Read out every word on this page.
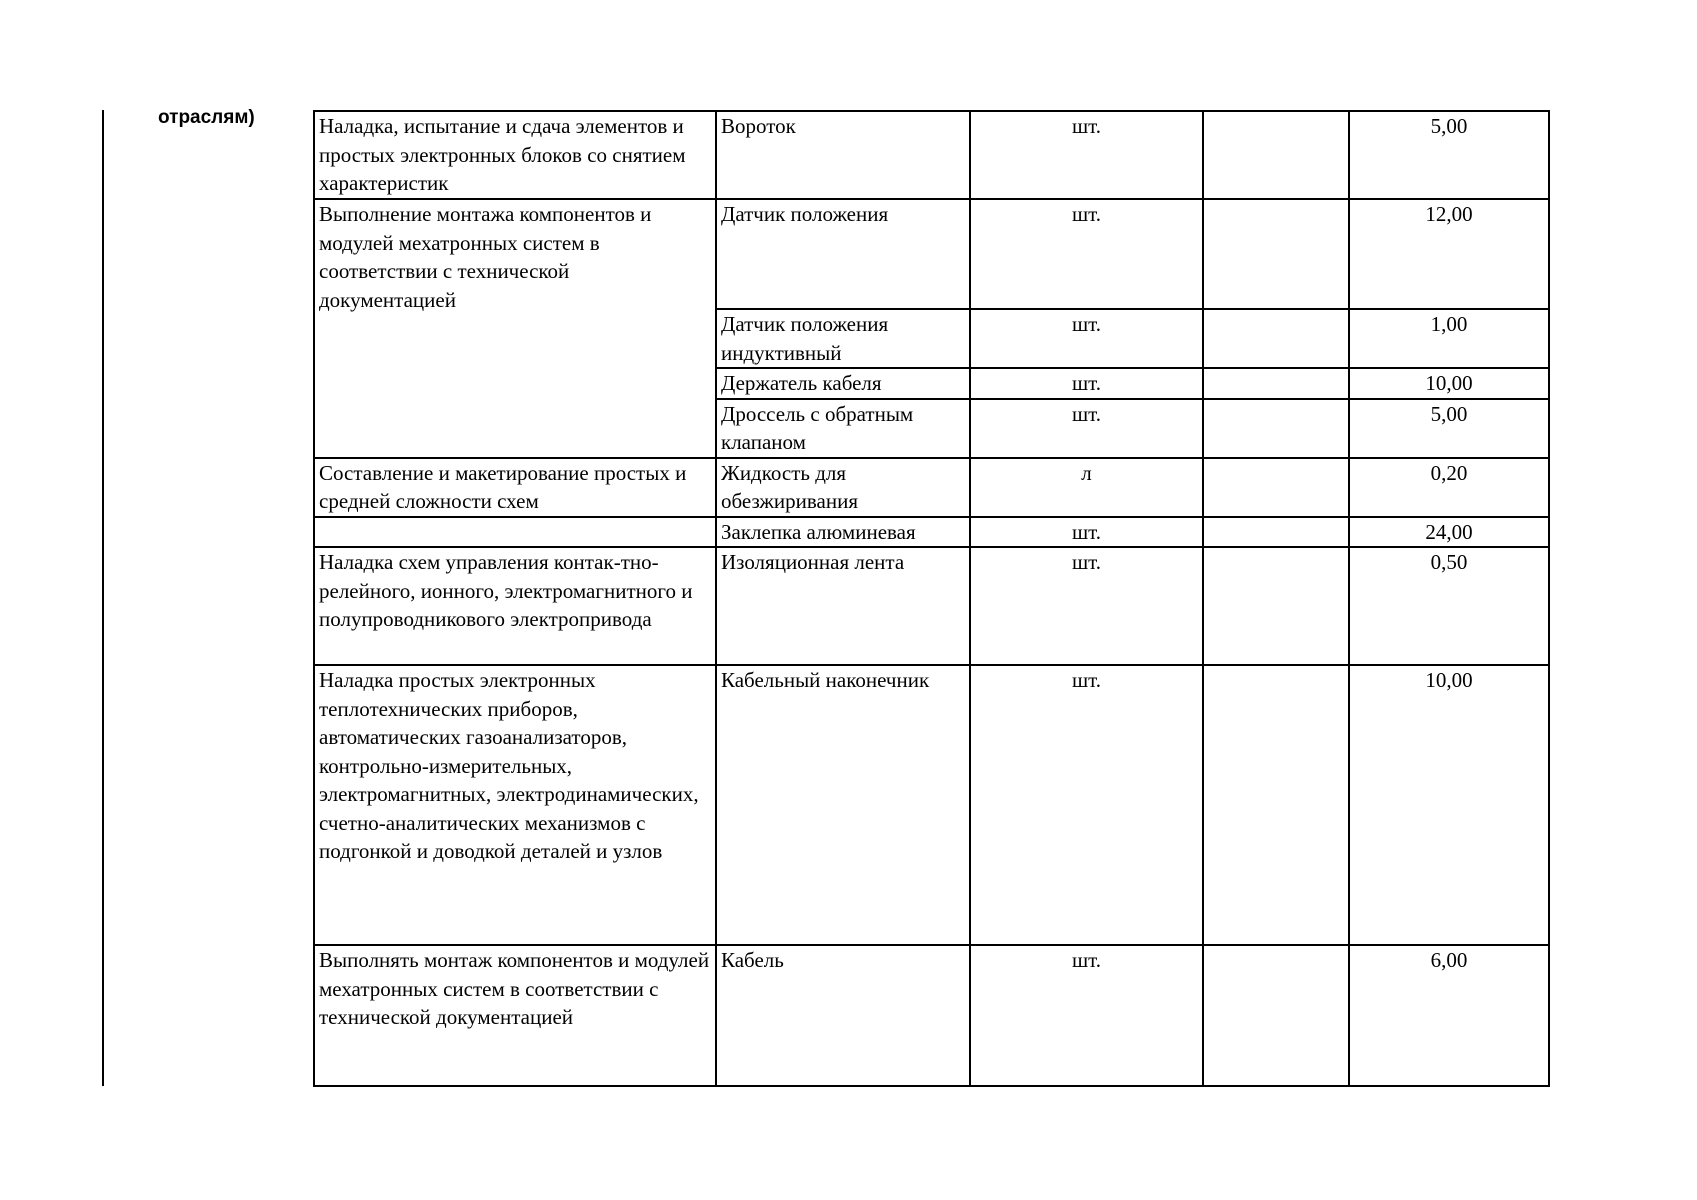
отраслям)	Наладка, испытание и сдача элементов и простых электронных блоков со снятием характеристик	Вороток	шт.		5,00
Выполнение монтажа компонентов и модулей мехатронных систем в соответствии с технической документацией	Датчик положения	шт.		12,00
	Датчик положения индуктивный	шт.		1,00
	Держатель кабеля	шт.		10,00
	Дроссель с обратным клапаном	шт.		5,00
Составление и макетирование простых и средней сложности схем	Жидкость для обезжиривания	л		0,20
	Заклепка алюминевая	шт.		24,00
Наладка схем управления контак-тно-релейного, ионного, электромагнитного и полупроводникового электропривода	Изоляционная лента	шт.		0,50
Наладка простых электронных теплотехнических приборов, автоматических газоанализаторов, контрольно-измерительных, электромагнитных, электродинамических, счетно-аналитических механизмов с подгонкой и доводкой деталей и узлов	Кабельный наконечник	шт.		10,00
Выполнять монтаж компонентов и модулей мехатронных систем в соответствии с технической документацией	Кабель	шт.		6,00
